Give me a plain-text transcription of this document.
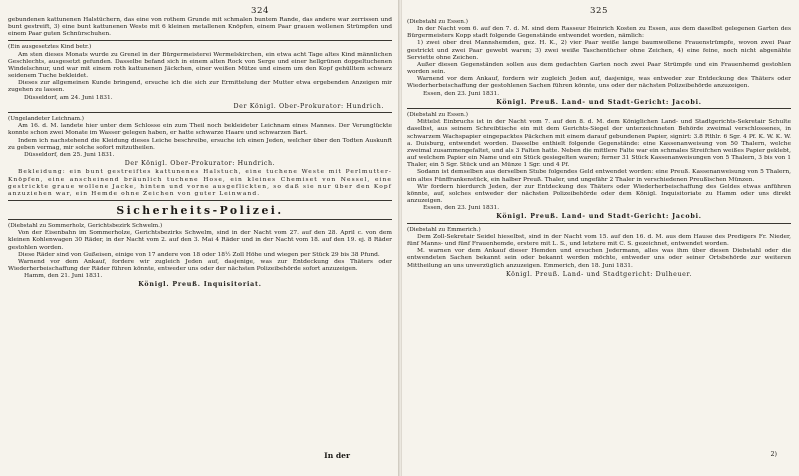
324

gebundenen kattunenen Halstüchern, das eine von rothem Grunde mit schmalen buntem Rande, das andere war zerrissen und bunt gestreift, 3) eine bunt kattunenen Weste mit 6 kleinen metallenen Knöpfen, einem Paar grauen wollenen Strümpfen und einem Paar guten Schnürschuhen.

(Ein ausgesetztes Kind betr.)

Am sten dieses Monats wurde zu Grenel in der Bürgermeisterei Wermelskirchen, ein etwa acht Tage altes Kind männlichen Geschlechts, ausgesetzt gefunden. Dasselbe befand sich in einem alten Rock von Serge und einer hellgrünen doppeltuchenen Windelschnur, und war mit einem roth kattunenen Jäckchen, einer weißen Mütze und einem um den Kopf gehülltem schwarz seidenem Tuche bekleidet.

Dieses zur allgemeinen Kunde bringend, ersuche ich die sich zur Ermittelung der Mutter etwa ergebenden Anzeigen mir zugehen zu lassen.

Düsseldorf, am 24. Juni 1831.

Der Königl. Ober-Prokurator: Hundrich.
(Ungelandeter Leichnam.)

Am 16. d. M. landete hier unter dem Schlosse ein zum Theil noch bekleideter Leichnam eines Mannes. Der Verunglückte konnte schon zwei Monate im Wasser gelegen haben, er hatte schwarze Haare und schwarzen Bart.

Indem ich nachstehend die Kleidung dieses Leiche beschreibe, ersuche ich einen Jeden, welcher über den Todten Auskunft zu geben vermag, mir solche sofort mitzutheilen.

Düsseldorf, den 25. Juni 1831.

Der Königl. Ober-Prokurator: Hundrich.

Bekleidung: ein bunt gestreiftes kattunenes Halstuch, eine tuchene Weste mit Perlmutter-Knöpfen, eine anscheinend bräunlich tuchene Hose, ein kleines Chemiset von Nessel, eine gestrickte graue wollene Jacke, hinten und vorne ausgeflickten, so daß sie nur über den Kopf anzuziehen war, ein Hemde ohne Zeichen von guter Leinwand.

Sicherheits-Polizei.
(Diebstahl zu Sommerholz, Gerichtsbezirk Schwelm.)

Von der Eisenbahn im Sommerholze, Gerichtsbezirks Schwelm, sind in der Nacht vom 27. auf den 28. April c. von dem kleinen Kohlenwagen 30 Räder, in der Nacht vom 2. auf den 3. Mai 4 Räder und in der Nacht vom 18. auf den 19. ej. 8 Räder gestohlen worden.

Diese Räder sind von Gußeisen, einige von 17 andere von 18 oder 18½ Zoll Höhe und wiegen per Stück 29 bis 38 Pfund.

Warnend vor dem Ankauf, fordere wir zugleich Jeden auf, dasjenige, was zur Entdeckung des Thäters oder Wiederherbeischaffung der Räder führen könnte, entweder uns oder der nächsten Polizeibehörde sofort anzuzeigen.

Hamm, den 21. Juni 1831.

Königl. Preuß. Inquisitoriat.
In der
325
(Diebstahl zu Essen.)

In der Nacht vom 6. auf den 7. d. M. sind dem Rasseur Heinrich Kosten zu Essen, aus dem daselbst gelegenen Garten des Bürgermeisters Kopp stadt folgende Gegenstände entwendet worden, nämlich:

1) zwei ober drei Mannshemden, gez. H. K., 2) vier Paar weiße lange baumwollene Frauenstrümpfe, wovon zwei Paar gestrickt und zwei Paar gewebt waren; 3) zwei weiße Taschentücher ohne Zeichen, 4) eine feine, noch nicht abgenähte Serviette ohne Zeichen.

Außer diesen Gegenständen sollen aus dem gedachten Garten noch zwei Paar Strümpfe und ein Frauenhemd gestohlen worden sein.

Warnend vor dem Ankauf, fordern wir zugleich Jeden auf, dasjenige, was entweder zur Entdeckung des Thäters oder Wiederherbeischaffung der gestohlenen Sachen führen könnte, uns oder der nächsten Polizeibehörde anzuzeigen.

Essen, den 23. Juni 1831.

Königl. Preuß. Land- und Stadt-Gericht: Jacobi.
(Diebstahl zu Essen.)

Mittelst Einbruchs ist in der Nacht vom 7. auf den 8. d. M. dem Königlichen Land- und Stadtgerichts-Sekretair Schulte daselbst, aus seinem Schreibtische ein mit dem Gerichts-Siegel der unterzeichneten Behörde zweimal verschlossenes, in schwarzem Wachspapier eingepacktes Päckchen mit einem darauf gebundenen Papier, signirt: 3.8 Rthlr. 6 Sgr. 4 Pf. K. W. K. W. a. Duisburg, entwendet worden. Dasselbe enthielt folgende Gegenstände: eine Kassenanweisung von 50 Thalern, welche zweimal zusammengefaltet, und als 3 Falten hatte. Neben die mittlere Falte war ein schmales Streifchen weißes Papier geklebt, auf welchem Papier ein Name und ein Stück gesiegelten waren; ferner 31 Stück Kassenanweisungen von 5 Thalern, 3 bis von 1 Thaler, ein 5 Sgr. Stück und an Münze 1 Sgr. und 4 Pf.

Sodann ist demselben aus derselben Stube folgendes Geld entwendet worden: eine Preuß. Kassenanweisung von 5 Thalern, ein altes Fünffrankenstück, ein halber Preuß. Thaler, und ungefähr 2 Thaler in verschiedenen Preußischen Münzen.

Wir fordern hierdurch Jeden, der zur Entdeckung des Thäters oder Wiederherbeischaffung des Geldes etwas anführen könnte, auf, solches entweder der nächsten Polizeibehörde oder dem Königl. Inquisitoriate zu Hamm oder uns direkt anzuzeigen.

Essen, den 23. Juni 1831.

Königl. Preuß. Land- und Stadt-Gericht: Jacobi.
(Diebstahl zu Emmerich.)

Dem Zoll-Sekretair Seidel hieselbst, sind in der Nacht vom 15. auf den 16. d. M. aus dem Hause des Predigers Fr. Nieder, fünf Manns- und fünf Frauenhemde, erstere mit L. S., und letztere mit C. S. gezeichnet, entwendet worden.

M. warnen vor dem Ankauf dieser Hemden und ersuchen Jedermann, alles was ihm über diesen Diebstahl oder die entwendeten Sachen bekannt sein oder bekannt werden möchte, entweder uns oder seiner Ortsbehörde zur weiteren Mittheilung an uns unverzüglich anzuzeigen. Emmerich, den 18. Juni 1831.

Königl. Preuß. Land- und Stadtgericht: Dulheuer.
2)
